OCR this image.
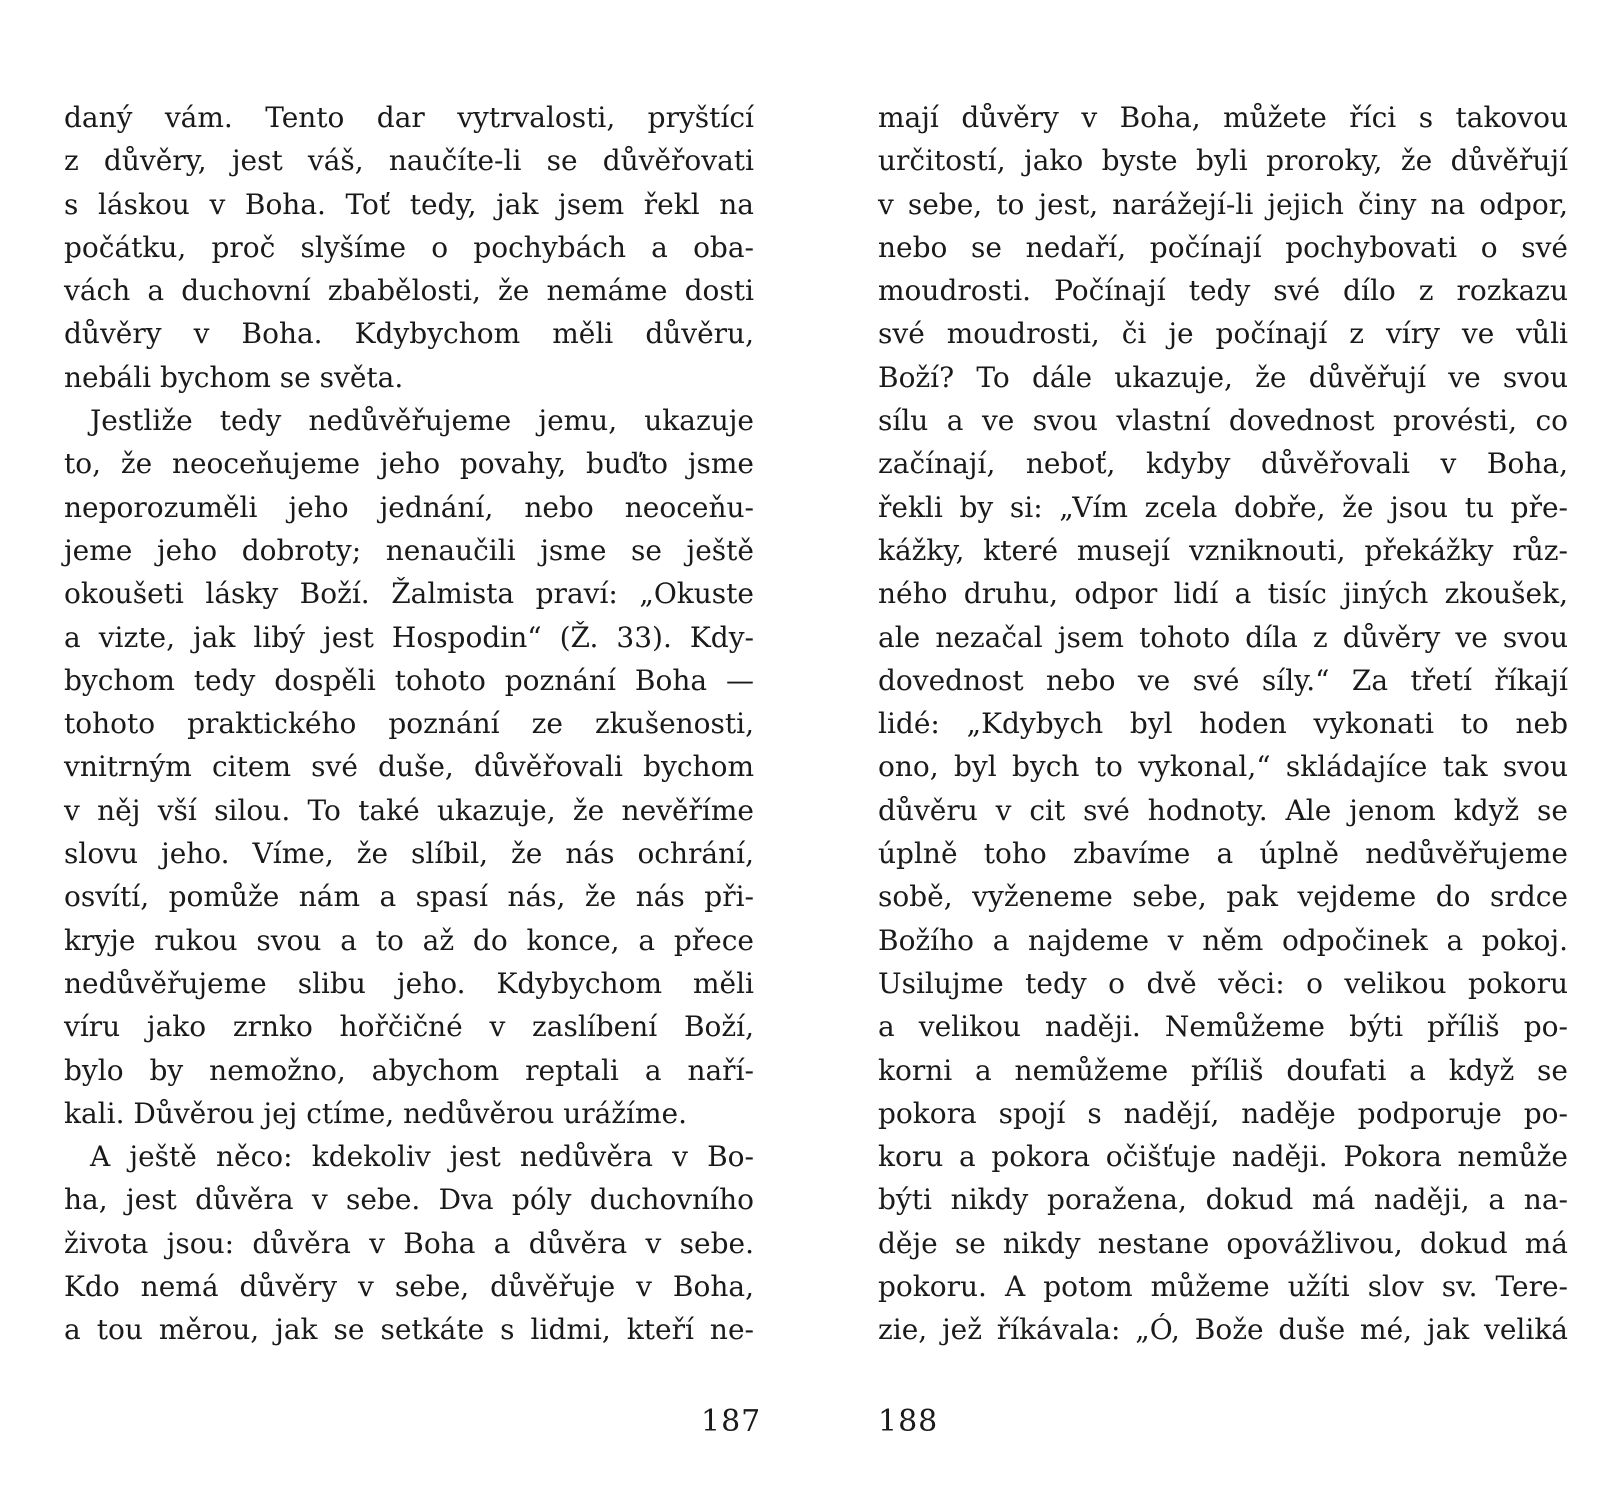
daný vám. Tento dar vytrvalosti, pryštící
z důvěry, jest váš, naučíte-li se důvěřovati
s láskou v Boha. Toť tedy, jak jsem řekl na
počátku, proč slyšíme o pochybách a oba-
vách a duchovní zbabělosti, že nemáme dosti
důvěry v Boha. Kdybychom měli důvěru,
nebáli bychom se světa.
Jestliže tedy nedůvěřujeme jemu, ukazuje
to, že neoceňujeme jeho povahy, buďto jsme
neporozuměli jeho jednání, nebo neoceňu-
jeme jeho dobroty; nenaučili jsme se ještě
okoušeti lásky Boží. Žalmista praví: „Okuste
a vizte, jak libý jest Hospodin“ (Ž. 33). Kdy-
bychom tedy dospěli tohoto poznání Boha —
tohoto praktického poznání ze zkušenosti,
vnitrným citem své duše, důvěřovali bychom
v něj vší silou. To také ukazuje, že nevěříme
slovu jeho. Víme, že slíbil, že nás ochrání,
osvítí, pomůže nám a spasí nás, že nás při-
kryje rukou svou a to až do konce, a přece
nedůvěřujeme slibu jeho. Kdybychom měli
víru jako zrnko hořčičné v zaslíbení Boží,
bylo by nemožno, abychom reptali a naří-
kali. Důvěrou jej ctíme, nedůvěrou urážíme.
A ještě něco: kdekoliv jest nedůvěra v Bo-
ha, jest důvěra v sebe. Dva póly duchovního
života jsou: důvěra v Boha a důvěra v sebe.
Kdo nemá důvěry v sebe, důvěřuje v Boha,
a tou měrou, jak se setkáte s lidmi, kteří ne-
mají důvěry v Boha, můžete říci s takovou
určitostí, jako byste byli proroky, že důvěřují
v sebe, to jest, narážejí-li jejich činy na odpor,
nebo se nedaří, počínají pochybovati o své
moudrosti. Počínají tedy své dílo z rozkazu
své moudrosti, či je počínají z víry ve vůli
Boží? To dále ukazuje, že důvěřují ve svou
sílu a ve svou vlastní dovednost provésti, co
začínají, neboť, kdyby důvěřovali v Boha,
řekli by si: „Vím zcela dobře, že jsou tu pře-
kážky, které musejí vzniknouti, překážky růz-
ného druhu, odpor lidí a tisíc jiných zkoušek,
ale nezačal jsem tohoto díla z důvěry ve svou
dovednost nebo ve své síly.“ Za třetí říkají
lidé: „Kdybych byl hoden vykonati to neb
ono, byl bych to vykonal,“ skládajíce tak svou
důvěru v cit své hodnoty. Ale jenom když se
úplně toho zbavíme a úplně nedůvěřujeme
sobě, vyženeme sebe, pak vejdeme do srdce
Božího a najdeme v něm odpočinek a pokoj.
Usilujme tedy o dvě věci: o velikou pokoru
a velikou naději. Nemůžeme býti příliš po-
korni a nemůžeme příliš doufati a když se
pokora spojí s nadějí, naděje podporuje po-
koru a pokora očišťuje naději. Pokora nemůže
býti nikdy poražena, dokud má naději, a na-
děje se nikdy nestane opovážlivou, dokud má
pokoru. A potom můžeme užíti slov sv. Tere-
zie, jež říkávala: „Ó, Bože duše mé, jak veliká
187	188
